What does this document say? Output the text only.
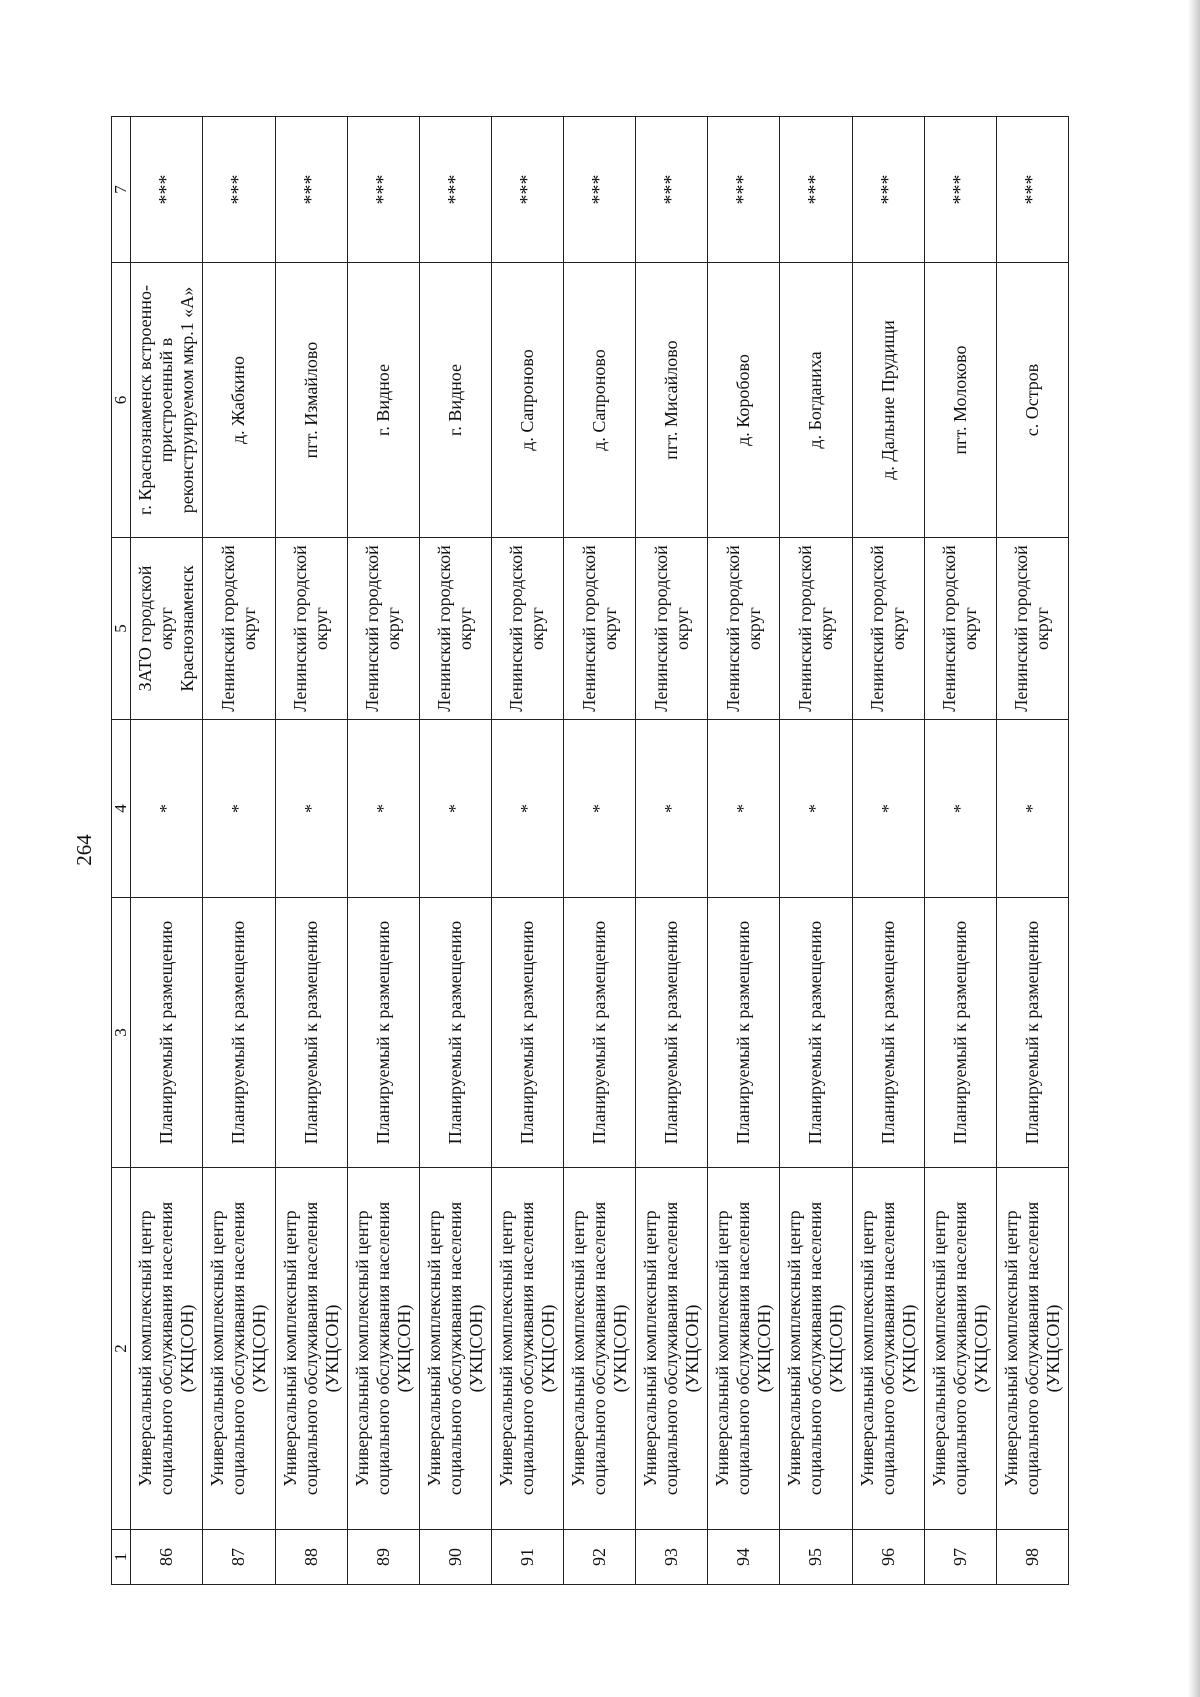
264
1	2	3	4	5	6	7
86	Универсальный комплексный центр социального обслуживания населения (УКЦСОН)	Планируемый к размещению	*	ЗАТО городской округ Краснознаменск	г. Краснознаменск встроенно-пристроенный в реконструируемом мкр.1 «А»	***
87	Универсальный комплексный центр социального обслуживания населения (УКЦСОН)	Планируемый к размещению	*	Ленинский городской округ	д. Жабкино	***
88	Универсальный комплексный центр социального обслуживания населения (УКЦСОН)	Планируемый к размещению	*	Ленинский городской округ	пгт. Измайлово	***
89	Универсальный комплексный центр социального обслуживания населения (УКЦСОН)	Планируемый к размещению	*	Ленинский городской округ	г. Видное	***
90	Универсальный комплексный центр социального обслуживания населения (УКЦСОН)	Планируемый к размещению	*	Ленинский городской округ	г. Видное	***
91	Универсальный комплексный центр социального обслуживания населения (УКЦСОН)	Планируемый к размещению	*	Ленинский городской округ	д. Сапроново	***
92	Универсальный комплексный центр социального обслуживания населения (УКЦСОН)	Планируемый к размещению	*	Ленинский городской округ	д. Сапроново	***
93	Универсальный комплексный центр социального обслуживания населения (УКЦСОН)	Планируемый к размещению	*	Ленинский городской округ	пгт. Мисайлово	***
94	Универсальный комплексный центр социального обслуживания населения (УКЦСОН)	Планируемый к размещению	*	Ленинский городской округ	д. Коробово	***
95	Универсальный комплексный центр социального обслуживания населения (УКЦСОН)	Планируемый к размещению	*	Ленинский городской округ	д. Богданиха	***
96	Универсальный комплексный центр социального обслуживания населения (УКЦСОН)	Планируемый к размещению	*	Ленинский городской округ	д. Дальние Прудищи	***
97	Универсальный комплексный центр социального обслуживания населения (УКЦСОН)	Планируемый к размещению	*	Ленинский городской округ	пгт. Молоково	***
98	Универсальный комплексный центр социального обслуживания населения (УКЦСОН)	Планируемый к размещению	*	Ленинский городской округ	с. Остров	***
